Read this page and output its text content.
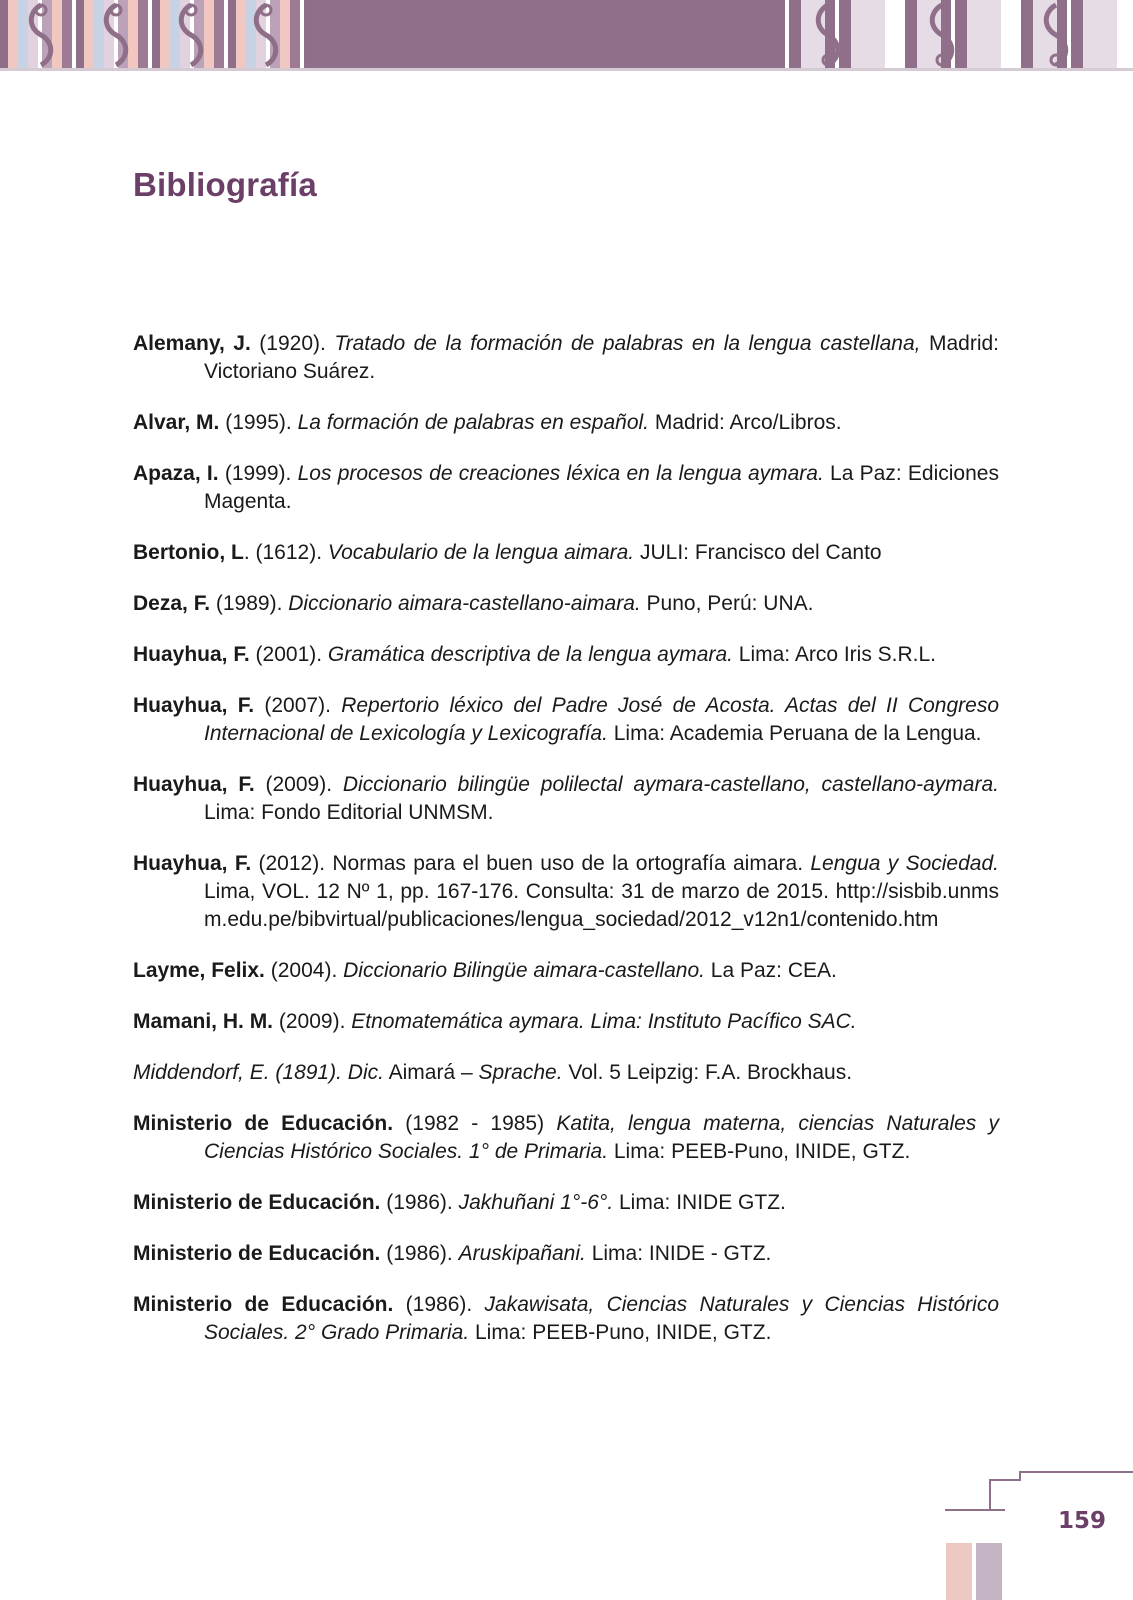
Bibliografía

Alemany, J. (1920). Tratado de la formación de palabras en la lengua castellana, Madrid: Victoriano Suárez.

Alvar, M. (1995). La formación de palabras en español. Madrid: Arco/Libros.

Apaza, I. (1999). Los procesos de creaciones léxica en la lengua aymara. La Paz: Ediciones Magenta.

Bertonio, L. (1612). Vocabulario de la lengua aimara. JULI: Francisco del Canto

Deza, F. (1989). Diccionario aimara-castellano-aimara. Puno, Perú: UNA.

Huayhua, F. (2001). Gramática descriptiva de la lengua aymara. Lima: Arco Iris S.R.L.

Huayhua, F. (2007). Repertorio léxico del Padre José de Acosta. Actas del II Congreso Internacional de Lexicología y Lexicografía. Lima: Academia Peruana de la Lengua.

Huayhua, F. (2009). Diccionario bilingüe polilectal aymara-castellano, castellano-aymara. Lima: Fondo Editorial UNMSM.

Huayhua, F. (2012). Normas para el buen uso de la ortografía aimara. Lengua y Sociedad. Lima, VOL. 12 Nº 1, pp. 167-176. Consulta: 31 de marzo de 2015. http://sisbib.unmsm.edu.pe/bibvirtual/publicaciones/lengua_sociedad/2012_v12n1/contenido.htm

Layme, Felix. (2004). Diccionario Bilingüe aimara-castellano. La Paz: CEA.

Mamani, H. M. (2009). Etnomatemática aymara. Lima: Instituto Pacífico SAC.

Middendorf, E. (1891). Dic. Aimará – Sprache. Vol. 5 Leipzig: F.A. Brockhaus.

Ministerio de Educación. (1982 - 1985) Katita, lengua materna, ciencias Naturales y Ciencias Histórico Sociales. 1° de Primaria. Lima: PEEB-Puno, INIDE, GTZ.

Ministerio de Educación. (1986). Jakhuñani 1°-6°. Lima: INIDE GTZ.

Ministerio de Educación. (1986). Aruskipañani. Lima: INIDE - GTZ.

Ministerio de Educación. (1986). Jakawisata, Ciencias Naturales y Ciencias Histórico Sociales. 2° Grado Primaria. Lima: PEEB-Puno, INIDE, GTZ.

159
